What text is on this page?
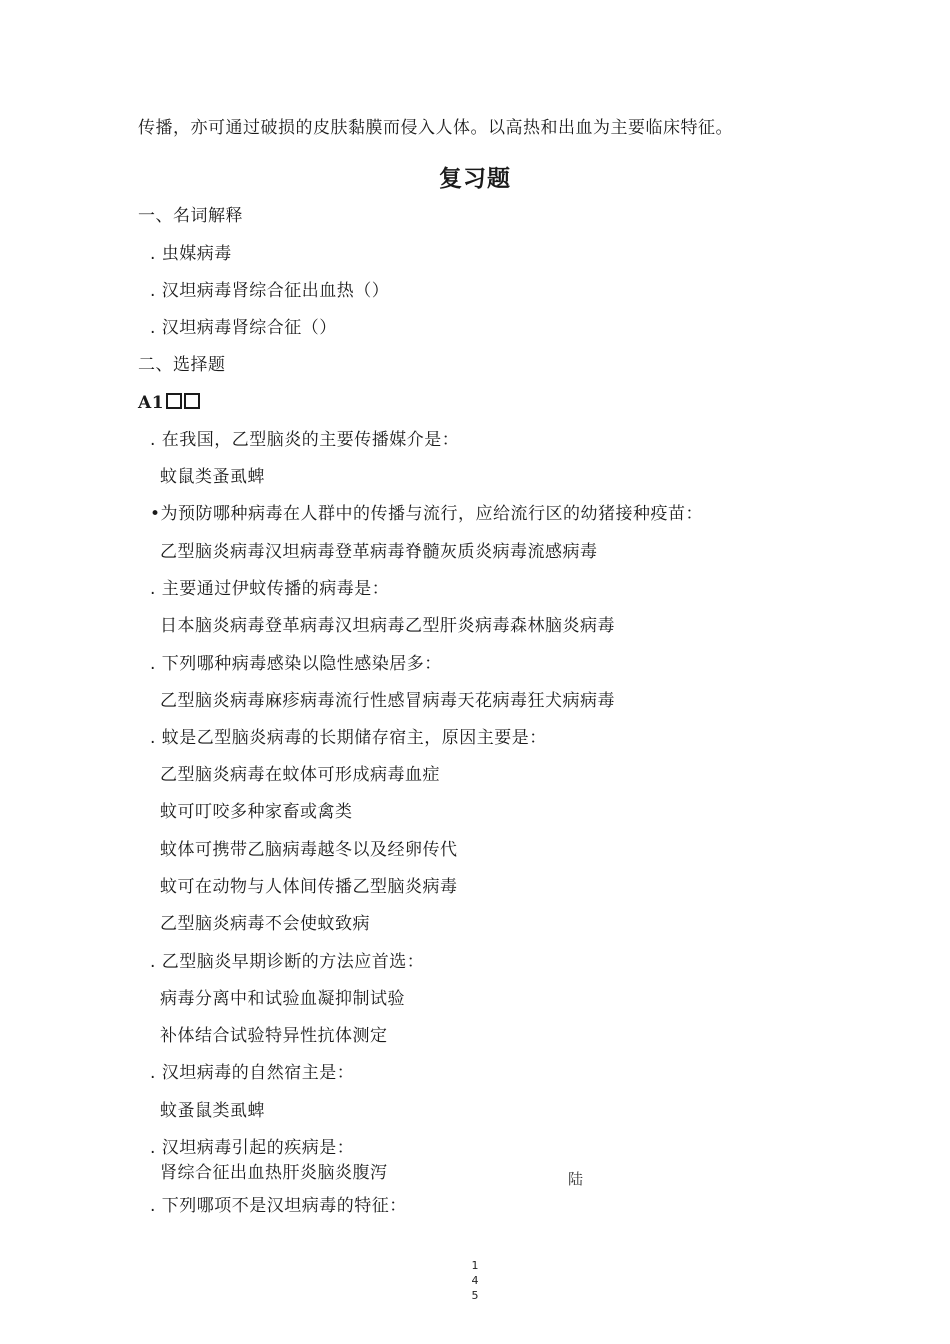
传播，亦可通过破损的皮肤黏膜而侵入人体。以高热和出血为主要临床特征。
复习题
一、名词解释
. 虫媒病毒
. 汉坦病毒肾综合征出血热（）
. 汉坦病毒肾综合征（）
二、选择题
A1
. 在我国，乙型脑炎的主要传播媒介是：
蚊鼠类蚤虱蜱
•为预防哪种病毒在人群中的传播与流行，应给流行区的幼猪接种疫苗：
乙型脑炎病毒汉坦病毒登革病毒脊髓灰质炎病毒流感病毒
. 主要通过伊蚊传播的病毒是：
日本脑炎病毒登革病毒汉坦病毒乙型肝炎病毒森林脑炎病毒
. 下列哪种病毒感染以隐性感染居多：
乙型脑炎病毒麻疹病毒流行性感冒病毒天花病毒狂犬病病毒
. 蚊是乙型脑炎病毒的长期储存宿主，原因主要是：
乙型脑炎病毒在蚊体可形成病毒血症
蚊可叮咬多种家畜或禽类
蚊体可携带乙脑病毒越冬以及经卵传代
蚊可在动物与人体间传播乙型脑炎病毒
乙型脑炎病毒不会使蚊致病
. 乙型脑炎早期诊断的方法应首选：
病毒分离中和试验血凝抑制试验
补体结合试验特异性抗体测定
. 汉坦病毒的自然宿主是：
蚊蚤鼠类虱蜱
. 汉坦病毒引起的疾病是：
肾综合征出血热肝炎脑炎腹泻	陆
. 下列哪项不是汉坦病毒的特征：
1
4
5
